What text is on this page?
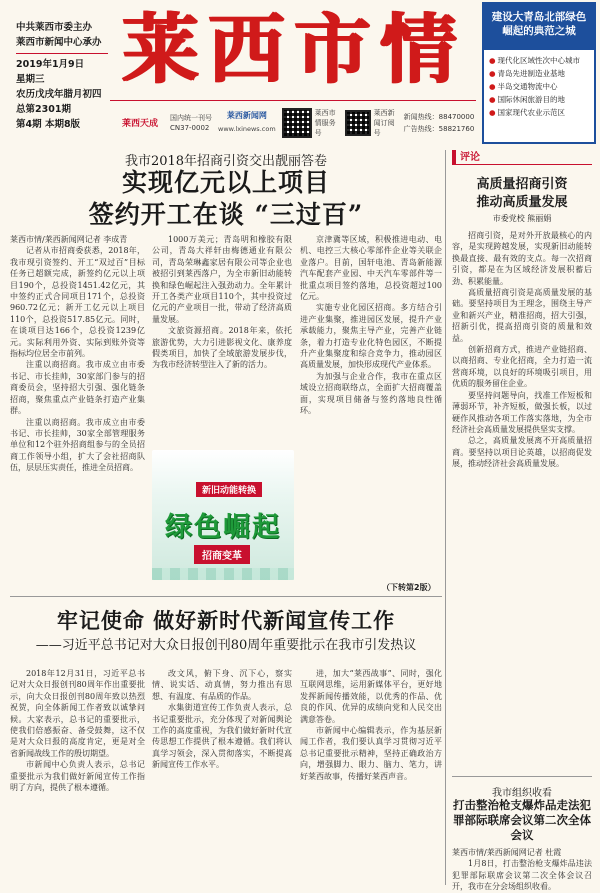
中共莱西市委主办
莱西市新闻中心承办
2019年1月9日
星期三
农历戊戌年腊月初四
总第2301期
第4期 本期8版
莱 西 市 情	建设大青岛北部绿色崛起的典范之城
● 现代化区域性次中心城市
● 青岛先进制造业基地
● 半岛交通物流中心
● 国际休闲旅游目的地
● 国家现代农业示范区
莱西天成
国内统一刊号
CN37-0002
莱西新闻网
www.lxinews.com
莱西市情服务号
莱西新闻订阅号
新闻热线：88470000
广告热线：58821760
我市2018年招商引资交出靓丽答卷
实现亿元以上项目
签约开工在谈 “三过百”
莱西市情/莱西新闻网记者 李成青

记者从市招商委获悉，2018年，我市现引资签约、开工“双过百”目标任务已超额完成，新签约亿元以上项目190个，总投资1451.42亿元，其中签约正式合同项目171个，总投资960.72亿元；新开工亿元以上项目110个，总投资517.85亿元。同时，在谈项目达166个，总投资1239亿元。实际利用外资、实际到账外资等指标均位居全市前列。

注重以商招商。我市成立由市委书记、市长挂帅，30家部门参与的招商委员会，坚持招大引强、强化链条招商，聚焦重点产业链条打造产业集群。

注重以商招商。我市成立由市委书记、市长挂帅，30家全部管理服务单位和12个驻外招商组参与的全员招商工作领导小组，扩大了会社招商队伍，层层压实责任，推进全员招商。

1000万美元；青岛明和橡胶有限公司，青岛大祥轩由梅德通业有限公司，青岛荣琳鑫家居有限公司等企业也被招引到莱西落户，为全市新旧动能转换和绿色崛起注入强劲动力。全年累计开工各类产业项目110个，其中投资过亿元的产业项目一批，带动了经济高质量发展。

文旅资源招商。2018年来，依托旅游优势，大力引进影视文化、康养度假类项目，加快了全域旅游发展步伐，为我市经济转型注入了新的活力。

新旧动能转换
绿色崛起
招商变革

京津冀等区域，积极推进电动、电机、电控三大核心零部件企业等关联企业落户。目前，国轩电池、青岛新能源汽车配套产业园、中天汽车零部件等一批重点项目签约落地，总投资超过100亿元。

实施专业化园区招商。多方结合引进产业集聚，推进园区发展，提升产业承载能力，聚焦主导产业，完善产业链条，着力打造专业化特色园区，不断提升产业集聚度和综合竞争力，推动园区高质量发展，加快形成现代产业体系。

为加强与企业合作，我市在重点区域设立招商联络点，全面扩大招商覆盖面，实现项目储备与签约落地良性循环。

（下转第2版）
牢记使命 做好新时代新闻宣传工作
——习近平总书记对大众日报创刊80周年重要批示在我市引发热议

2018年12月31日，习近平总书记对大众日报创刊80周年作出重要批示，向大众日报创刊80周年致以热烈祝贺，向全体新闻工作者致以诚挚问候。大家表示，总书记的重要批示，使我们倍感振奋、备受鼓舞，这不仅是对大众日报的高度肯定，更是对全省新闻战线工作的殷切期望。

市新闻中心负责人表示，总书记重要批示为我们做好新闻宣传工作指明了方向，提供了根本遵循。

改文风，俯下身、沉下心，察实情、说实话、动真情，努力推出有思想、有温度、有品质的作品。

水集街道宣传工作负责人表示，总书记重要批示，充分体现了对新闻舆论工作的高度重视，为我们做好新时代宣传思想工作提供了根本遵循。我们将认真学习领会，深入贯彻落实，不断提高新闻宣传工作水平。

进，加大“莱西战事”、同时，强化互联网思维，运用新媒体平台，更好地发挥新闻传播效能，以优秀的作品、优良的作风、优异的成绩向党和人民交出满意答卷。

市新闻中心编辑表示，作为基层新闻工作者，我们要认真学习贯彻习近平总书记重要批示精神，坚持正确政治方向，增强脚力、眼力、脑力、笔力，讲好莱西故事，传播好莱西声音。

评论
高质量招商引资
推动高质量发展
市委党校 熊丽娟

招商引资，是对外开放最核心的内容，是实现跨越发展，实现新旧动能转换最直接、最有效的支点。每一次招商引资，都是在为区域经济发展积蓄后劲、积累能量。

高质量招商引资是高质量发展的基础。要坚持项目为王理念，围绕主导产业和新兴产业，精准招商，招大引强，招新引优，提高招商引资的质量和效益。

创新招商方式，推进产业链招商、以商招商、专业化招商，全力打造一流营商环境，以良好的环境吸引项目，用优质的服务留住企业。

要坚持问题导向，找准工作短板和薄弱环节，补齐短板，做强长板，以过硬作风推动各项工作落实落地，为全市经济社会高质量发展提供坚实支撑。

总之，高质量发展离不开高质量招商。要坚持以项目论英雄，以招商促发展，推动经济社会高质量发展。

我市组织收看
打击整治枪支爆炸品走法犯罪部际联席会议第二次全体会议
莱西市情/莱西新闻网记者 杜霞

1月8日，打击整治枪支爆炸品违法犯罪部际联席会议第二次全体会议召开，我市在分会场组织收看。
